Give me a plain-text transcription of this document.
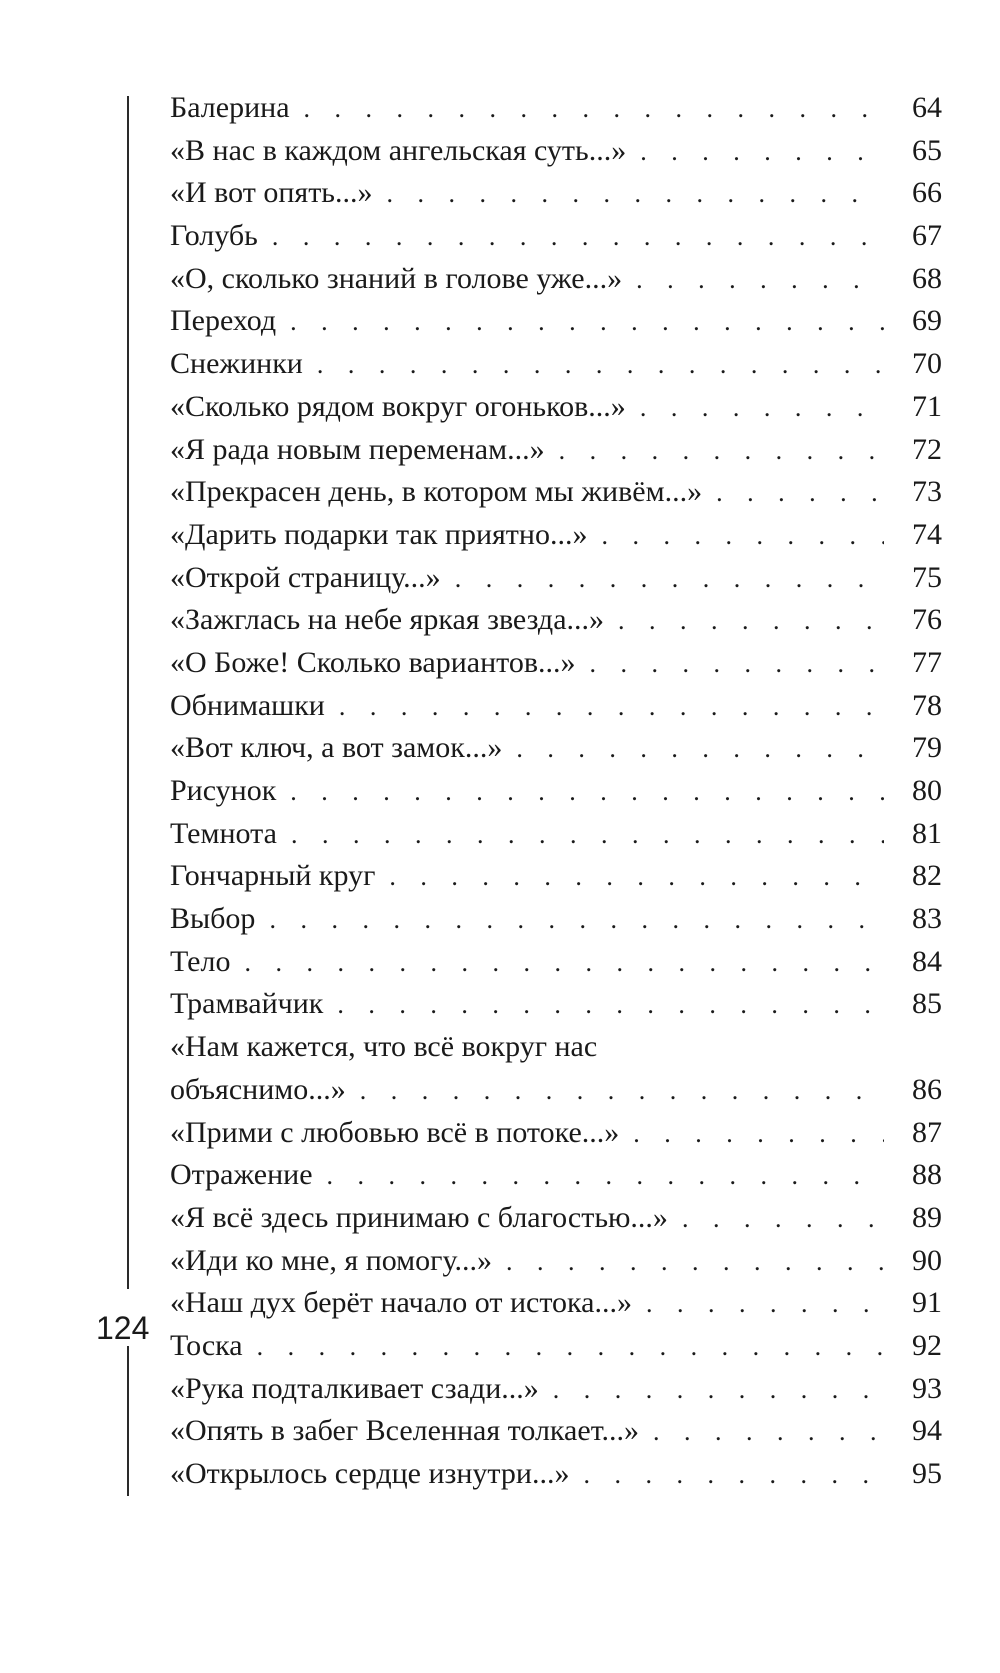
124
Балерина . . .	64
«В нас в каждом ангельская суть...» . . .	65
«И вот опять...» . . .	66
Голубь . . .	67
«О, сколько знаний в голове уже...» . . .	68
Переход . . .	69
Снежинки . . .	70
«Сколько рядом вокруг огоньков...» . . .	71
«Я рада новым переменам...» . . .	72
«Прекрасен день, в котором мы живём...» . . .	73
«Дарить подарки так приятно...» . . .	74
«Открой страницу...» . . .	75
«Зажглась на небе яркая звезда...» . . .	76
«О Боже! Сколько вариантов...» . . .	77
Обнимашки . . .	78
«Вот ключ, а вот замок...» . . .	79
Рисунок . . .	80
Темнота . . .	81
Гончарный круг . . .	82
Выбор . . .	83
Тело . . .	84
Трамвайчик . . .	85
«Нам кажется, что всё вокруг нас
объяснимо...» . . .	86
«Прими с любовью всё в потоке...» . . .	87
Отражение . . .	88
«Я всё здесь принимаю с благостью...» . . .	89
«Иди ко мне, я помогу...» . . .	90
«Наш дух берёт начало от истока...» . . .	91
Тоска . . .	92
«Рука подталкивает сзади...» . . .	93
«Опять в забег Вселенная толкает...» . . .	94
«Открылось сердце изнутри...» . . .	95
